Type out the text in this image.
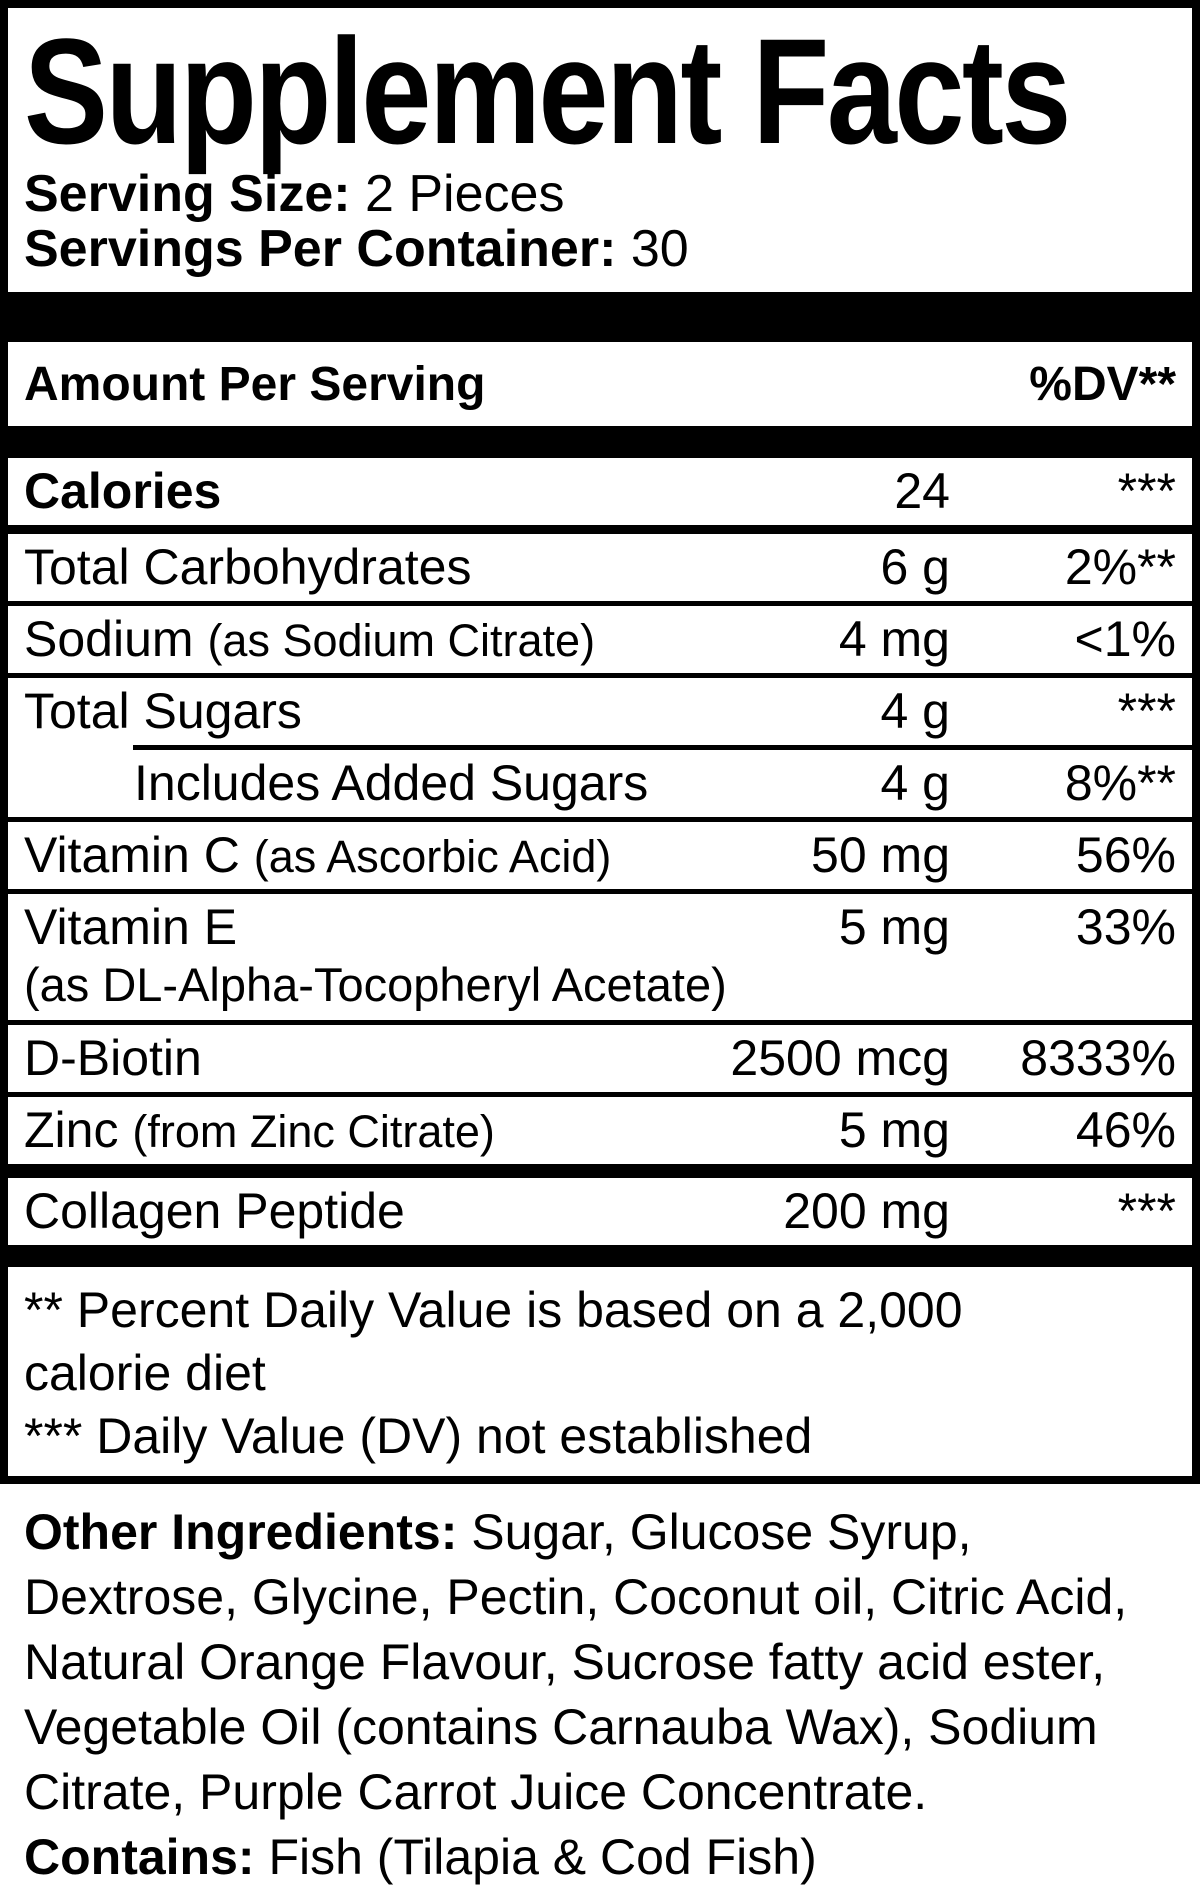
Supplement Facts
Serving Size: 2 Pieces
Servings Per Container: 30
Amount Per Serving	%DV**
Calories	24	***
Total Carbohydrates	6 g	2%**
Sodium (as Sodium Citrate)	4 mg	<1%
Total Sugars	4 g	***
Includes Added Sugars	4 g	8%**
Vitamin C (as Ascorbic Acid)	50 mg	56%
Vitamin E	5 mg	33%
(as DL-Alpha-Tocopheryl Acetate)
D-Biotin	2500 mcg	8333%
Zinc (from Zinc Citrate)	5 mg	46%
Collagen Peptide	200 mg	***
** Percent Daily Value is based on a 2,000 calorie diet
*** Daily Value (DV) not established
Other Ingredients: Sugar, Glucose Syrup, Dextrose, Glycine, Pectin, Coconut oil, Citric Acid, Natural Orange Flavour, Sucrose fatty acid ester, Vegetable Oil (contains Carnauba Wax), Sodium Citrate, Purple Carrot Juice Concentrate.
Contains: Fish (Tilapia & Cod Fish)
